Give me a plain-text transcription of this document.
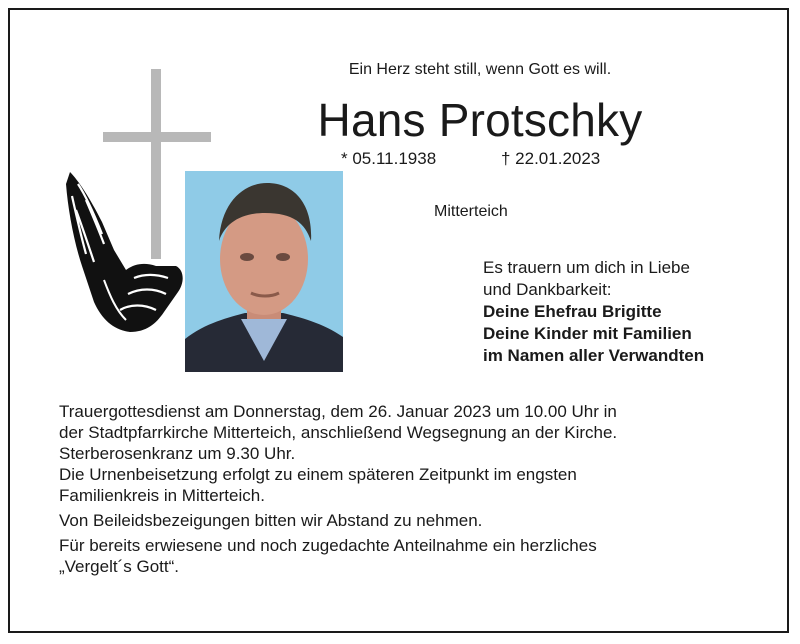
Ein Herz steht still, wenn Gott es will.
Hans Protschky
* 05.11.1938	† 22.01.2023
Mitterteich
Es trauern um dich in Liebe
und Dankbarkeit:
Deine Ehefrau Brigitte
Deine Kinder mit Familien
im Namen aller Verwandten

Trauergottesdienst am Donnerstag, dem 26. Januar 2023 um 10.00 Uhr in
der Stadtpfarrkirche Mitterteich, anschließend Wegsegnung an der Kirche.
Sterberosenkranz um 9.30 Uhr.
Die Urnenbeisetzung erfolgt zu einem späteren Zeitpunkt im engsten
Familienkreis in Mitterteich.

Von Beileidsbezeigungen bitten wir Abstand zu nehmen.

Für bereits erwiesene und noch zugedachte Anteilnahme ein herzliches
„Vergelt´s Gott“.
